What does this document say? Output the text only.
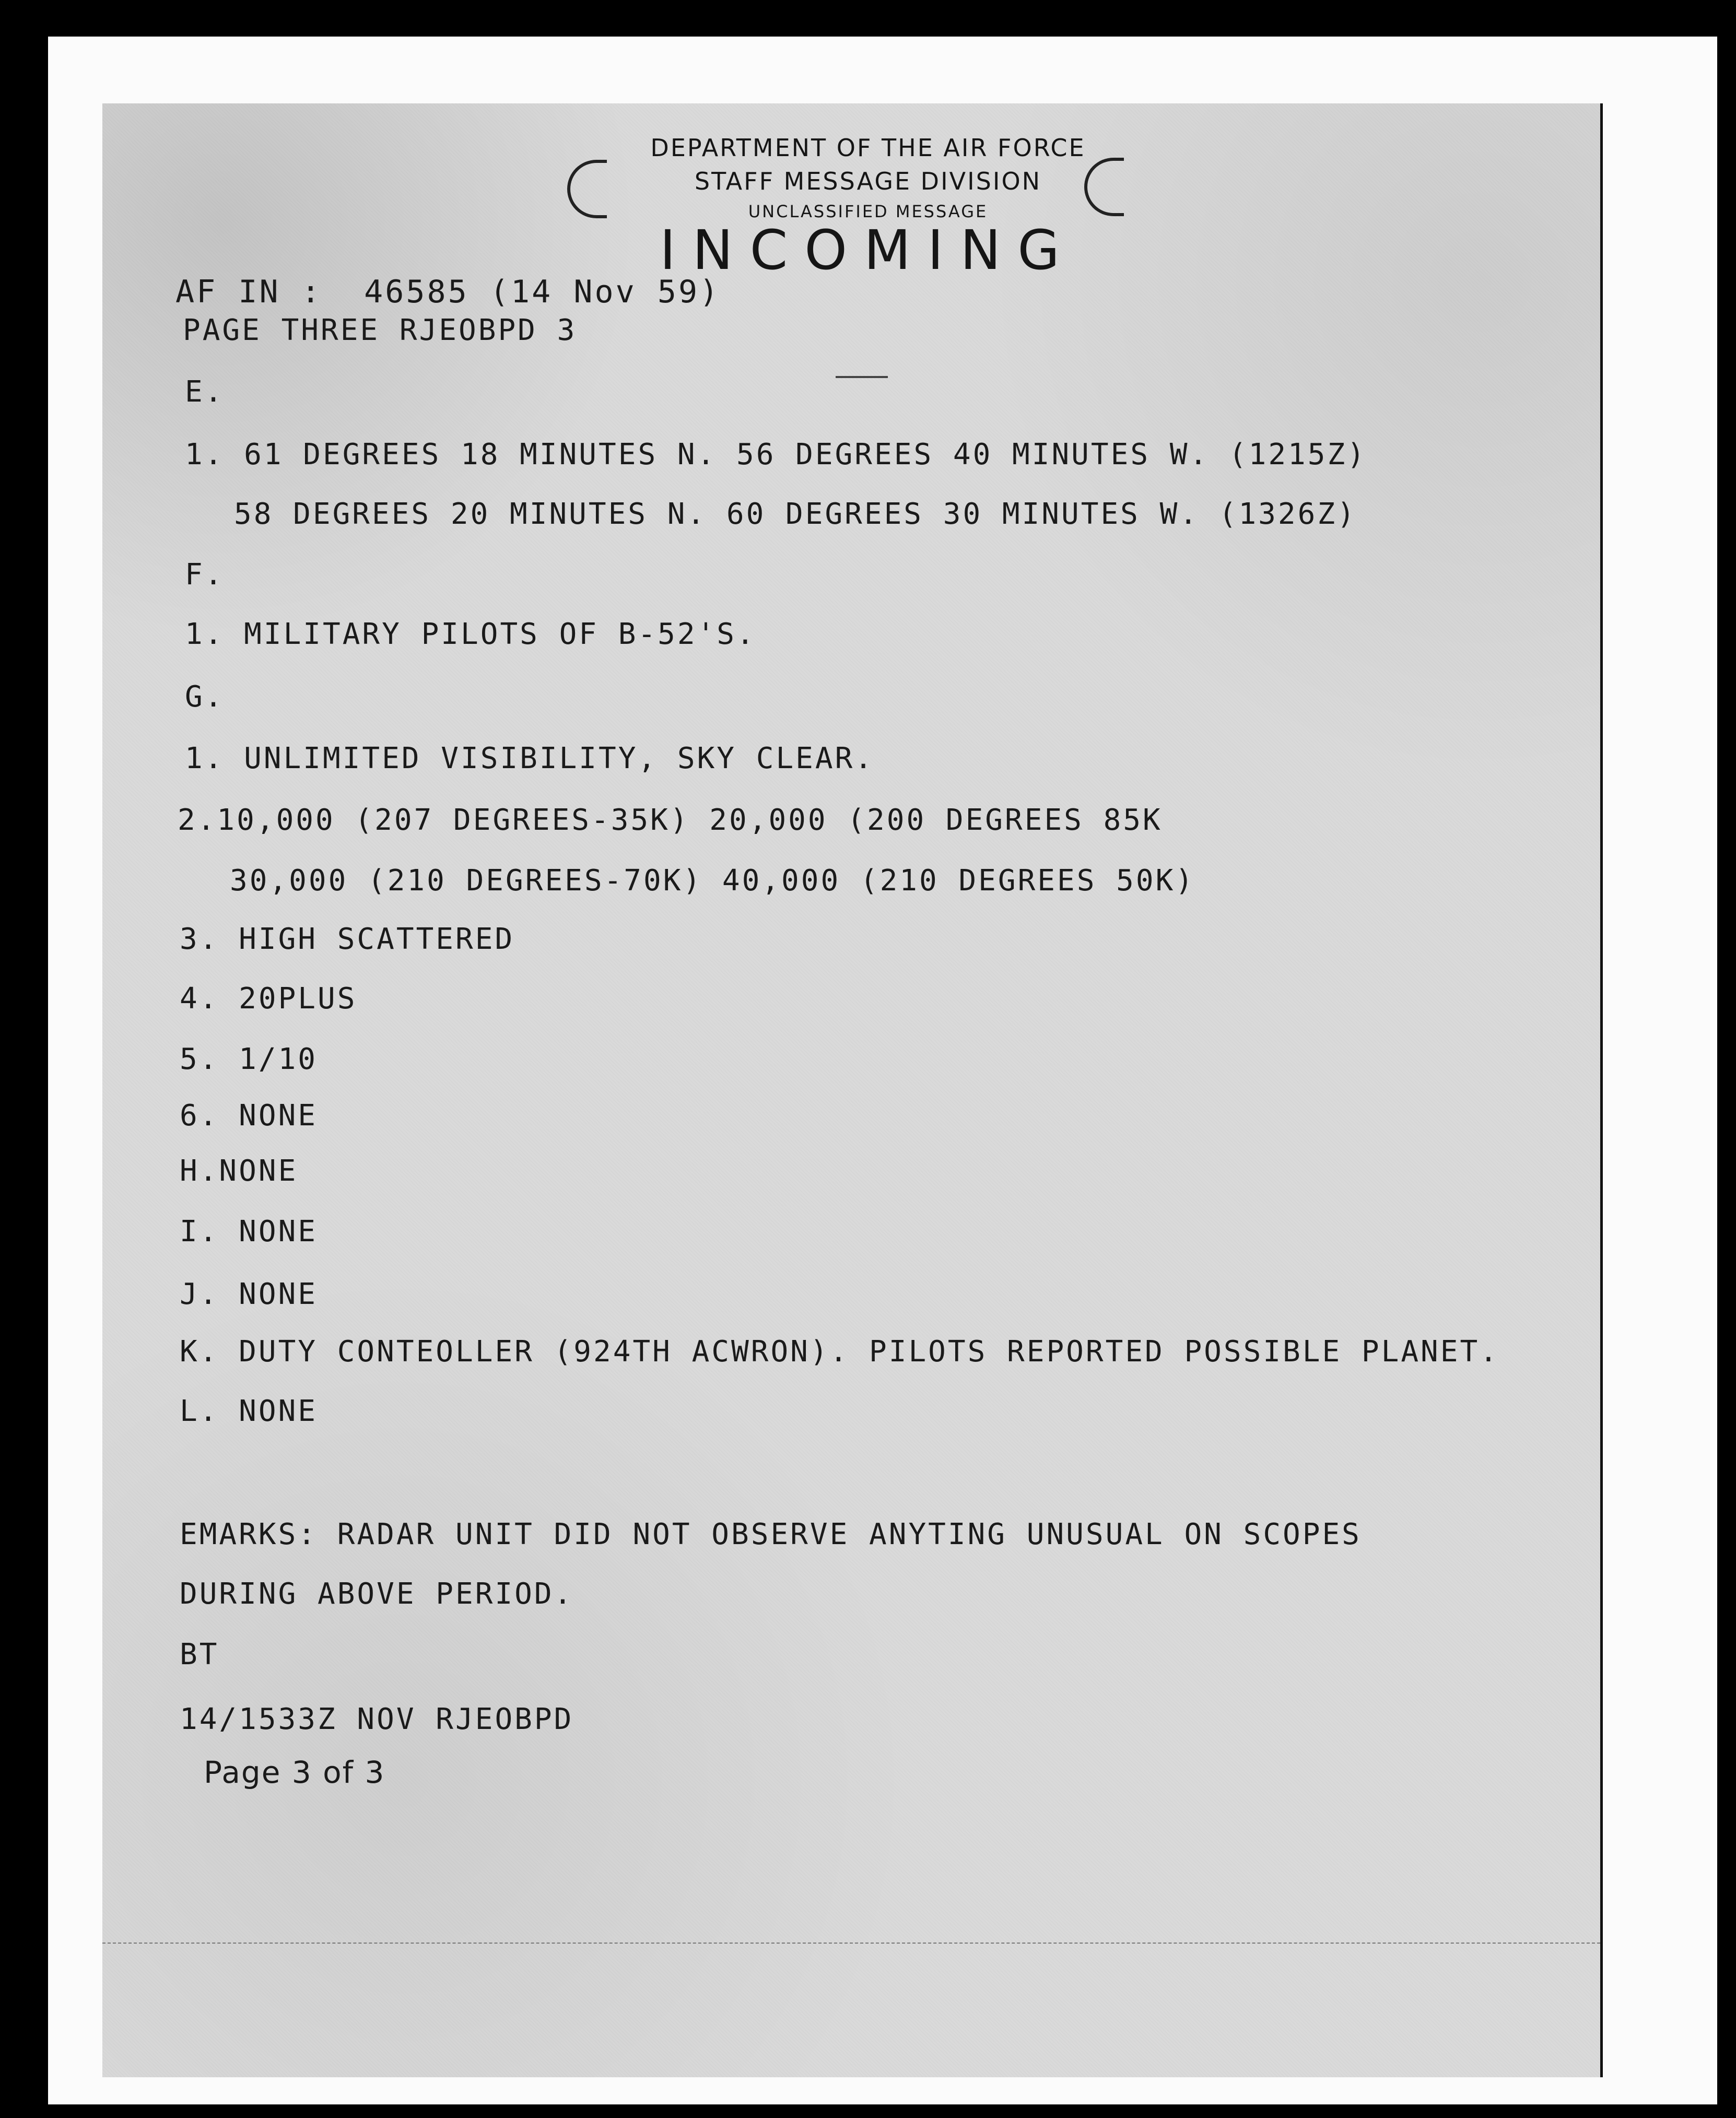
DEPARTMENT OF THE AIR FORCE
STAFF MESSAGE DIVISION
UNCLASSIFIED MESSAGE
INCOMING
AF IN :  46585 (14 Nov 59)
PAGE THREE RJEOBPD 3
E.
1. 61 DEGREES 18 MINUTES N. 56 DEGREES 40 MINUTES W. (1215Z)
58 DEGREES 20 MINUTES N. 60 DEGREES 30 MINUTES W. (1326Z)
F.
1. MILITARY PILOTS OF B-52'S.
G.
1. UNLIMITED VISIBILITY, SKY CLEAR.
2.10,000 (207 DEGREES-35K) 20,000 (200 DEGREES 85K
30,000 (210 DEGREES-70K) 40,000 (210 DEGREES 50K)
3. HIGH SCATTERED
4. 20PLUS
5. 1/10
6. NONE
H.NONE
I. NONE
J. NONE
K. DUTY CONTEOLLER (924TH ACWRON). PILOTS REPORTED POSSIBLE PLANET.
L. NONE
EMARKS: RADAR UNIT DID NOT OBSERVE ANYTING UNUSUAL ON SCOPES
DURING ABOVE PERIOD.
BT
14/1533Z NOV RJEOBPD
Page 3 of 3
